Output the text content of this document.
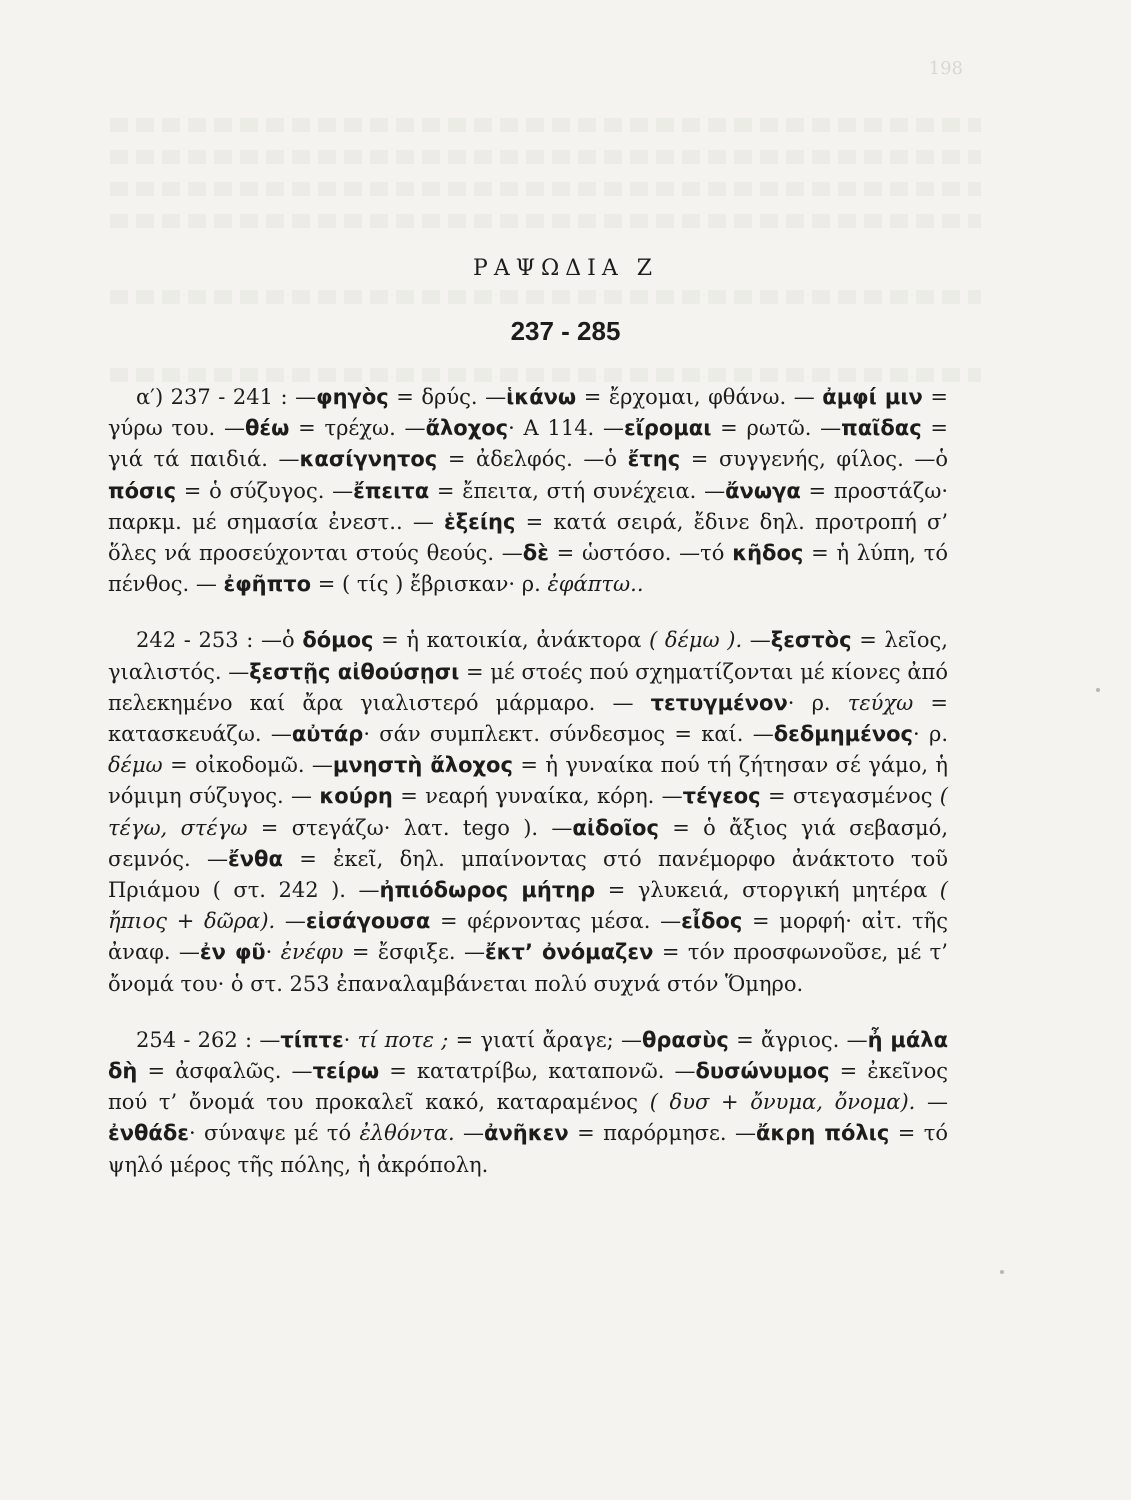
198
ΡΑΨΩΔΙΑ Ζ
237 - 285

α′) 237 - 241 : —φηγὸς = δρύς. —ἱκάνω = ἔρχομαι, φθάνω. — ἀμφί μιν = γύρω του. —θέω = τρέχω. —ἄλοχος· Α 114. —εἴρομαι = ρωτῶ. —παῖδας = γιά τά παιδιά. —κασίγνητος = ἀδελφός. —ὁ ἔτης = συγγενής, φίλος. —ὁ πόσις = ὁ σύζυγος. —ἔπειτα = ἔπειτα, στή συνέχεια. —ἄνωγα = προστάζω· παρκμ. μέ σημασία ἐνεστ.. — ἑξείης = κατά σειρά, ἔδινε δηλ. προτροπή σ’ ὅλες νά προσεύχονται στούς θεούς. —δὲ = ὡστόσο. —τό κῆδος = ἡ λύπη, τό πένθος. — ἐφῆπτο = ( τίς ) ἔβρισκαν· ρ. ἐφάπτω..

242 - 253 : —ὁ δόμος = ἡ κατοικία, ἀνάκτορα ( δέμω ). —ξεστὸς = λεῖος, γιαλιστός. —ξεστῇς αἰθούσῃσι = μέ στοές πού σχηματίζονται μέ κίονες ἀπό πελεκημένο καί ἄρα γιαλιστερό μάρμαρο. — τετυγμένον· ρ. τεύχω = κατασκευάζω. —αὐτάρ· σάν συμπλεκτ. σύνδεσμος = καί. —δεδμημένος· ρ. δέμω = οἰκοδομῶ. —μνηστὴ ἄλοχος = ἡ γυναίκα πού τή ζήτησαν σέ γάμο, ἡ νόμιμη σύζυγος. — κούρη = νεαρή γυναίκα, κόρη. —τέγεος = στεγασμένος ( τέγω, στέγω = στεγάζω· λατ. tego ). —αἰδοῖος = ὁ ἄξιος γιά σεβασμό, σεμνός. —ἔνθα = ἐκεῖ, δηλ. μπαίνοντας στό πανέμορφο ἀνάκτοτο τοῦ Πριάμου ( στ. 242 ). —ἠπιόδωρος μήτηρ = γλυκειά, στοργική μητέρα ( ἤπιος + δῶρα). —εἰσάγουσα = φέρνοντας μέσα. —εἶδος = μορφή· αἰτ. τῆς ἀναφ. —ἐν φῦ· ἐνέφυ = ἔσφιξε. —ἔκτ’ ὀνόμαζεν = τόν προσφωνοῦσε, μέ τ’ ὄνομά του· ὁ στ. 253 ἐπαναλαμβάνεται πολύ συχνά στόν Ὅμηρο.

254 - 262 : —τίπτε· τί ποτε ; = γιατί ἄραγε; —θρασὺς = ἄγριος. —ἦ μάλα δὴ = ἀσφαλῶς. —τείρω = κατατρίβω, καταπονῶ. —δυσώνυμος = ἐκεῖνος πού τ’ ὄνομά του προκαλεῖ κακό, καταραμένος ( δυσ + ὄνυμα, ὄνομα). —ἐνθάδε· σύναψε μέ τό ἐλθόντα. —ἀνῆκεν = παρόρμησε. —ἄκρη πόλις = τό ψηλό μέρος τῆς πόλης, ἡ ἀκρόπολη.
